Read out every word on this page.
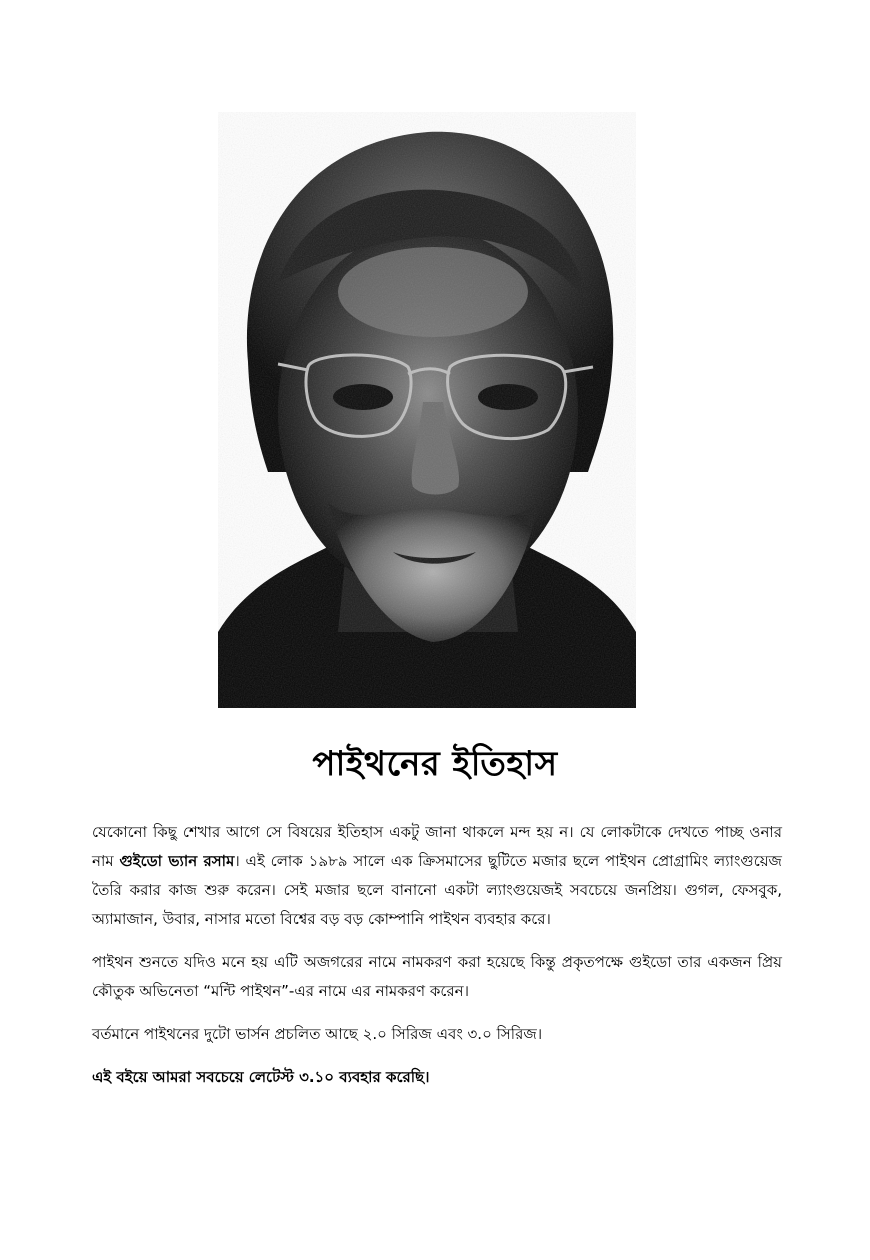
পাইথনের ইতিহাস

যেকোনো কিছু শেখার আগে সে বিষয়ের ইতিহাস একটু জানা থাকলে মন্দ হয় ন। যে লোকটাকে দেখতে পাচ্ছ ওনার নাম গুইডো ভ্যান রসাম। এই লোক ১৯৮৯ সালে এক ক্রিসমাসের ছুটিতে মজার ছলে পাইথন প্রোগ্রামিং ল্যাংগুয়েজ তৈরি করার কাজ শুরু করেন। সেই মজার ছলে বানানো একটা ল্যাংগুয়েজই সবচেয়ে জনপ্রিয়। গুগল, ফেসবুক, অ্যামাজান, উবার, নাসার মতো বিশ্বের বড় বড় কোম্পানি পাইথন ব্যবহার করে।

পাইথন শুনতে যদিও মনে হয় এটি অজগরের নামে নামকরণ করা হয়েছে কিন্তু প্রকৃতপক্ষে গুইডো তার একজন প্রিয় কৌতুক অভিনেতা “মন্টি পাইথন”-এর নামে এর নামকরণ করেন।

বর্তমানে পাইথনের দুটো ভার্সন প্রচলিত আছে ২.০ সিরিজ এবং ৩.০ সিরিজ।

এই বইয়ে আমরা সবচেয়ে লেটেস্ট ৩.১০ ব্যবহার করেছি।
